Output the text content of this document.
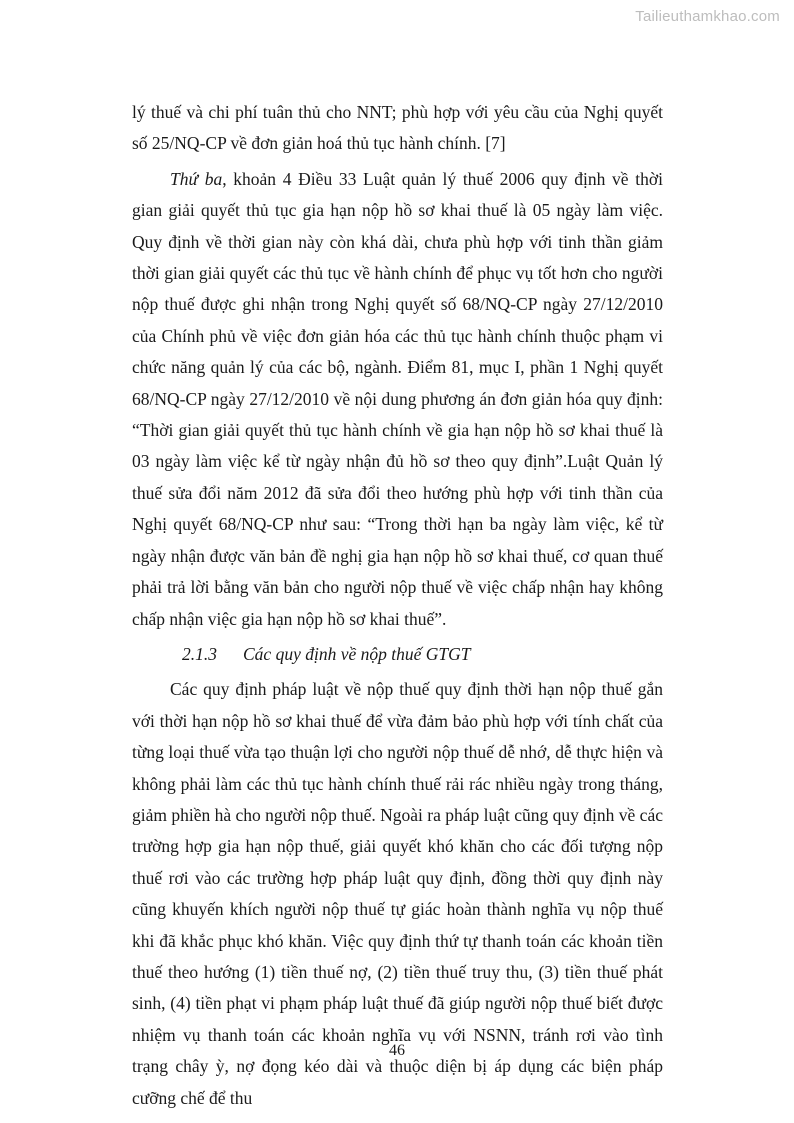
Tailieuthamkhao.com

lý thuế và chi phí tuân thủ cho NNT; phù hợp với yêu cầu của Nghị quyết số 25/NQ-CP về đơn giản hoá thủ tục hành chính. [7]

Thứ ba, khoản 4 Điều 33 Luật quản lý thuế 2006 quy định về thời gian giải quyết thủ tục gia hạn nộp hồ sơ khai thuế là 05 ngày làm việc. Quy định về thời gian này còn khá dài, chưa phù hợp với tinh thần giảm thời gian giải quyết các thủ tục về hành chính để phục vụ tốt hơn cho người nộp thuế được ghi nhận trong Nghị quyết số 68/NQ-CP ngày 27/12/2010 của Chính phủ về việc đơn giản hóa các thủ tục hành chính thuộc phạm vi chức năng quản lý của các bộ, ngành. Điểm 81, mục I, phần 1 Nghị quyết 68/NQ-CP ngày 27/12/2010 về nội dung phương án đơn giản hóa quy định: “Thời gian giải quyết thủ tục hành chính về gia hạn nộp hồ sơ khai thuế là 03 ngày làm việc kể từ ngày nhận đủ hồ sơ theo quy định”.Luật Quản lý thuế sửa đổi năm 2012 đã sửa đổi theo hướng phù hợp với tinh thần của Nghị quyết 68/NQ-CP như sau: “Trong thời hạn ba ngày làm việc, kể từ ngày nhận được văn bản đề nghị gia hạn nộp hồ sơ khai thuế, cơ quan thuế phải trả lời bằng văn bản cho người nộp thuế về việc chấp nhận hay không chấp nhận việc gia hạn nộp hồ sơ khai thuế”.

2.1.3 Các quy định về nộp thuế GTGT

Các quy định pháp luật về nộp thuế quy định thời hạn nộp thuế gắn với thời hạn nộp hồ sơ khai thuế để vừa đảm bảo phù hợp với tính chất của từng loại thuế vừa tạo thuận lợi cho người nộp thuế dễ nhớ, dễ thực hiện và không phải làm các thủ tục hành chính thuế rải rác nhiều ngày trong tháng, giảm phiền hà cho người nộp thuế. Ngoài ra pháp luật cũng quy định về các trường hợp gia hạn nộp thuế, giải quyết khó khăn cho các đối tượng nộp thuế rơi vào các trường hợp pháp luật quy định, đồng thời quy định này cũng khuyến khích người nộp thuế tự giác hoàn thành nghĩa vụ nộp thuế khi đã khắc phục khó khăn. Việc quy định thứ tự thanh toán các khoản tiền thuế theo hướng (1) tiền thuế nợ, (2) tiền thuế truy thu, (3) tiền thuế phát sinh, (4) tiền phạt vi phạm pháp luật thuế đã giúp người nộp thuế biết được nhiệm vụ thanh toán các khoản nghĩa vụ với NSNN, tránh rơi vào tình trạng chây ỳ, nợ đọng kéo dài và thuộc diện bị áp dụng các biện pháp cưỡng chế để thu

46
